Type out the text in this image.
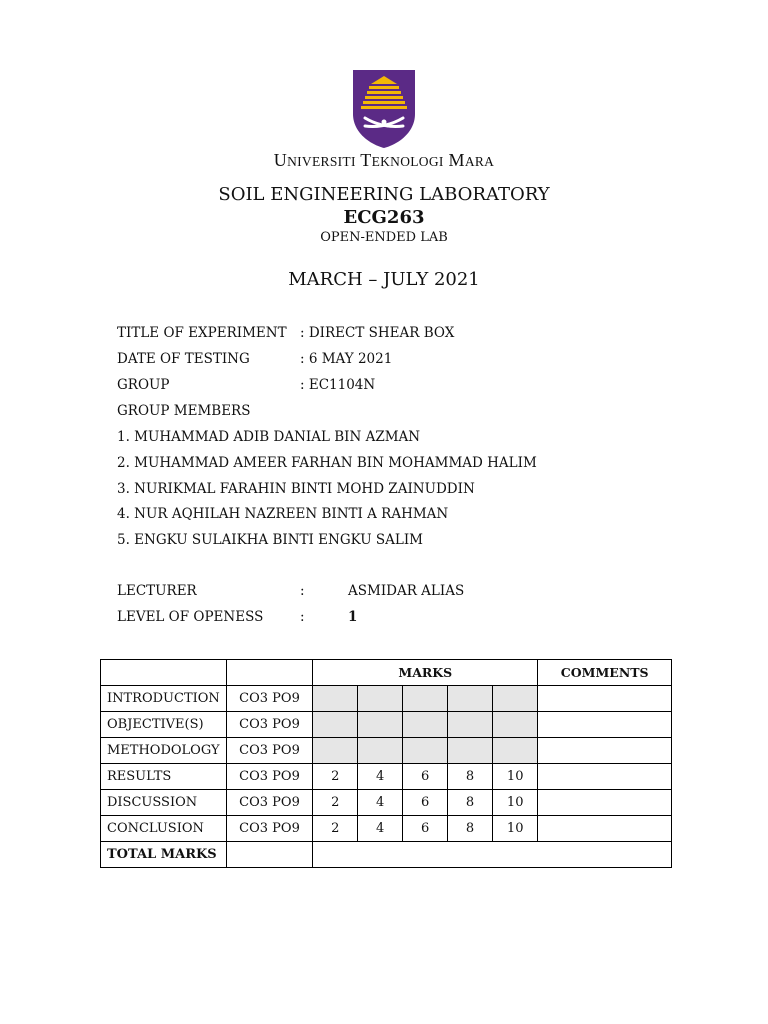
UNIVERSITI TEKNOLOGI MARA
SOIL ENGINEERING LABORATORY
ECG263
OPEN-ENDED LAB
MARCH – JULY 2021
TITLE OF EXPERIMENT : DIRECT SHEAR BOX
DATE OF TESTING	: 6 MAY 2021
GROUP	: EC1104N
GROUP MEMBERS
1. MUHAMMAD ADIB DANIAL BIN AZMAN
2. MUHAMMAD AMEER FARHAN BIN MOHAMMAD HALIM
3. NURIKMAL FARAHIN BINTI MOHD ZAINUDDIN
4. NUR AQHILAH NAZREEN BINTI A RAHMAN
5. ENGKU SULAIKHA BINTI ENGKU SALIM
LECTURER	:	ASMIDAR ALIAS
LEVEL OF OPENESS	:	1
		MARKS					COMMENTS
INTRODUCTION	CO3 PO9						
OBJECTIVE(S)	CO3 PO9						
METHODOLOGY	CO3 PO9						
RESULTS	CO3 PO9	2	4	6	8	10	
DISCUSSION	CO3 PO9	2	4	6	8	10	
CONCLUSION	CO3 PO9	2	4	6	8	10	
TOTAL MARKS							
